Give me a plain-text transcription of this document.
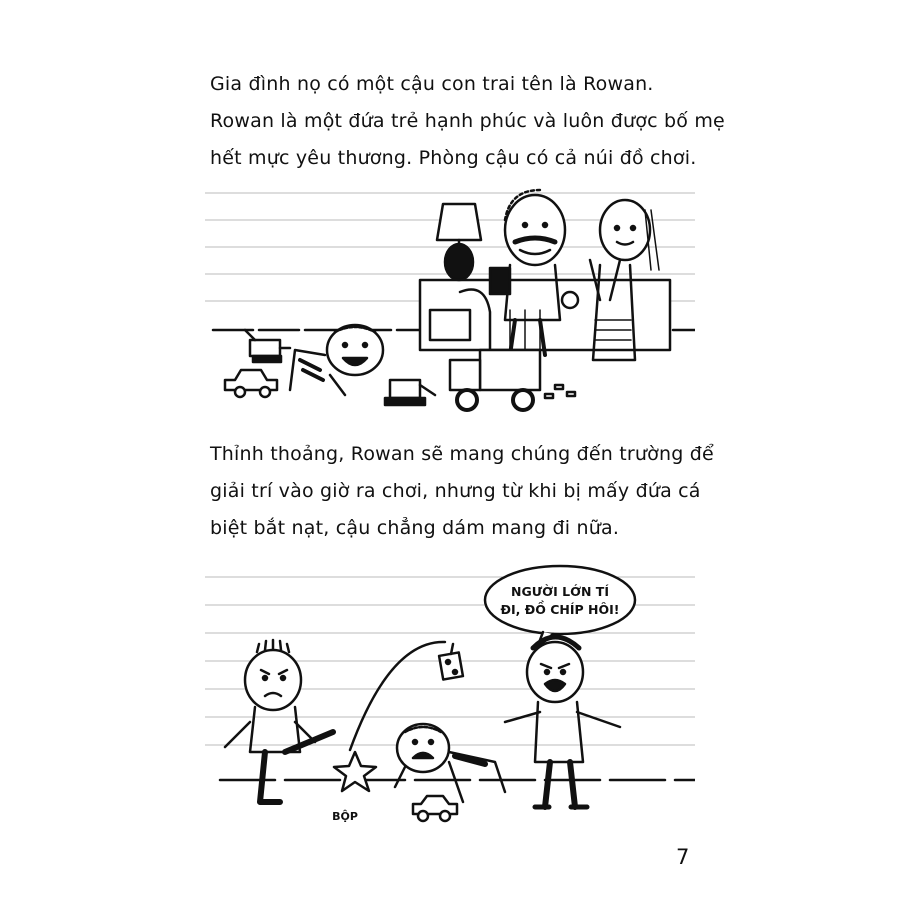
Gia đình nọ có một cậu con trai tên là Rowan.
Rowan là một đứa trẻ hạnh phúc và luôn được bố mẹ
hết mực yêu thương. Phòng cậu có cả núi đồ chơi.
Thỉnh thoảng, Rowan sẽ mang chúng đến trường để
giải trí vào giờ ra chơi, nhưng từ khi bị mấy đứa cá
biệt bắt nạt, cậu chẳng dám mang đi nữa.
NGƯỜI LỚN TÍ
ĐI, ĐỒ CHÍP HÔI!
BỘP
7
